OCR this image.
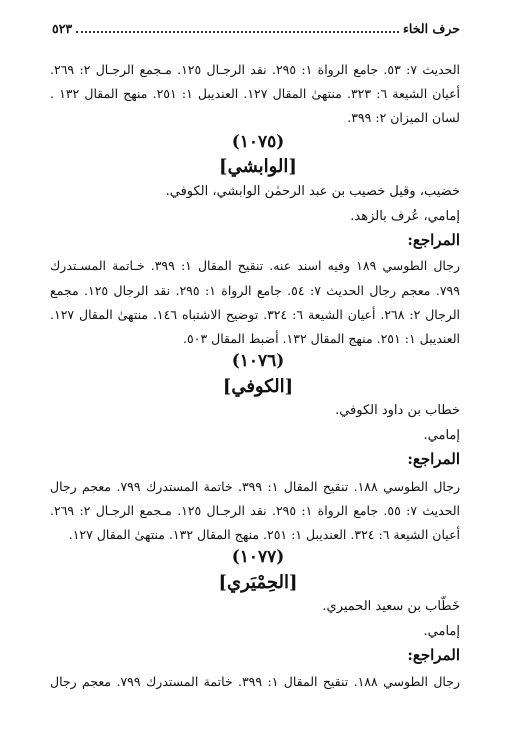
حرف الخاء
٥٢٣
الحديث ٧: ٥٣. جامع الرواة ١: ٢٩٥. نقد الرجـال ١٢٥. مـجمع الرجـال ٢: ٢٦٩.
أعيان الشيعة ٦: ٣٢٣. منتهىٰ المقال ١٢٧. العنديبل ١: ٢٥١. منهج المقال ١٣٢ .
لسان الميزان ٢: ٣٩٩.
(١٠٧٥)
[الوابشي]
خضيب، وقيل خصيب بن عبد الرحمٰن الوابشي، الكوفي.
إمامي، عُرف بالزهد.
المراجع:
رجال الطوسي ١٨٩ وفيه اسند عنه. تنقيح المقال ١: ٣٩٩. خـاتمة المسـتدرك
٧٩٩. معجم رجال الحديث ٧: ٥٤. جامع الرواة ١: ٢٩٥. نقد الرجال ١٢٥. مجمع
الرجال ٢: ٢٦٨. أعيان الشيعة ٦: ٣٢٤. توضيح الاشتباه ١٤٦. منتهىٰ المقال ١٢٧.
العنديبل ١: ٢٥١. منهج المقال ١٣٢. أضبط المقال ٥٠٣.
(١٠٧٦)
[الكوفي]
خطاب بن داود الكوفي.
إمامي.
المراجع:
رجال الطوسي ١٨٨. تنقيح المقال ١: ٣٩٩. خاتمة المستدرك ٧٩٩. معجم رجال
الحديث ٧: ٥٥. جامع الرواة ١: ٢٩٥. نقد الرجـال ١٢٥. مـجمع الرجـال ٢: ٢٦٩.
أعيان الشيعة ٦: ٣٢٤. العنديبل ١: ٢٥١. منهج المقال ١٣٢. منتهىٰ المقال ١٢٧.
(١٠٧٧)
[الحِمْيَري]
خَطّاب بن سعيد الحميري.
إمامي.
المراجع:
رجال الطوسي ١٨٨. تنقيح المقال ١: ٣٩٩. خاتمة المستدرك ٧٩٩. معجم رجال
